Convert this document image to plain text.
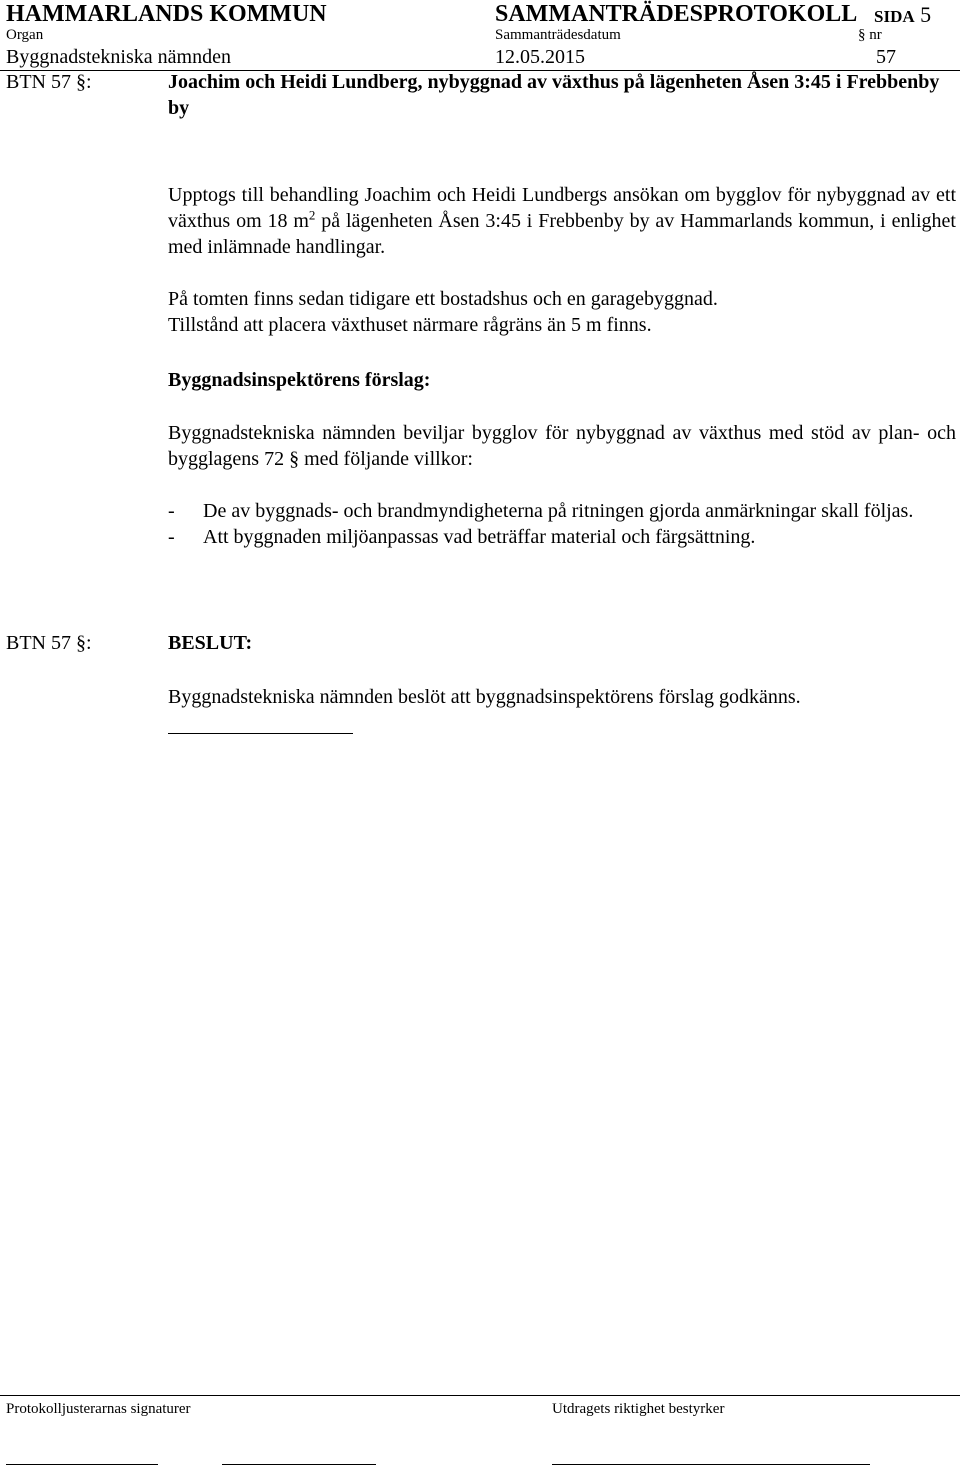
HAMMARLANDS KOMMUN	SAMMANTRÄDESPROTOKOLL SIDA 5
Organ	Sammanträdesdatum	§ nr
Byggnadstekniska nämnden	12.05.2015	57
BTN 57 §:	Joachim och Heidi Lundberg, nybyggnad av växthus på lägenheten Åsen 3:45 i Frebbenby by
Upptogs till behandling Joachim och Heidi Lundbergs ansökan om bygglov för nybyggnad av ett växthus om 18 $m^2$ på lägenheten Åsen 3:45 i Frebbenby by av Hammarlands kommun, i enlighet med inlämnade handlingar.
På tomten finns sedan tidigare ett bostadshus och en garagebyggnad.
Tillstånd att placera växthuset närmare rågräns än 5 m finns.
Byggnadsinspektörens förslag:
Byggnadstekniska nämnden beviljar bygglov för nybyggnad av växthus med stöd av plan- och bygglagens 72 § med följande villkor:
-	De av byggnads- och brandmyndigheterna på ritningen gjorda anmärkningar skall följas.
-	Att byggnaden miljöanpassas vad beträffar material och färgsättning.
BTN 57 §:	BESLUT:
Byggnadstekniska nämnden beslöt att byggnadsinspektörens förslag godkänns.
Protokolljusterarnas signaturer	Utdragets riktighet bestyrker
